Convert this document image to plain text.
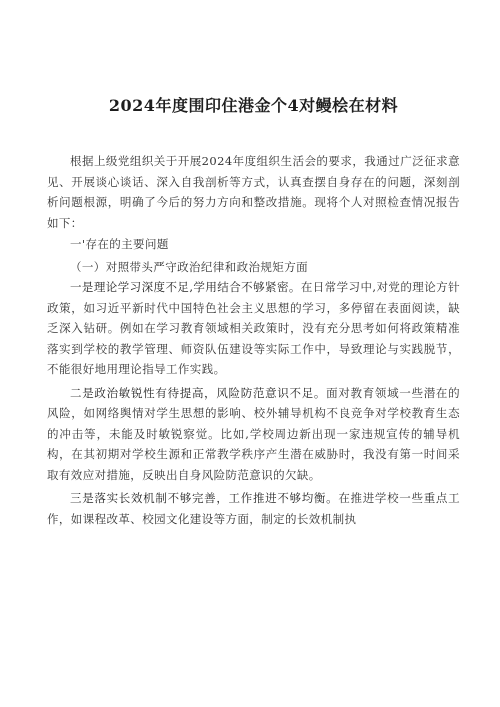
2024年度围印住港金个4对鳗桧在材料

根据上级党组织关于开展2024年度组织生活会的要求，我通过广泛征求意见、开展谈心谈话、深入自我剖析等方式，认真查摆自身存在的问题，深刻剖析问题根源，明确了今后的努力方向和整改措施。现将个人对照检查情况报告如下：

一'存在的主要问题

（一）对照带头严守政治纪律和政治规矩方面

一是理论学习深度不足,学用结合不够紧密。在日常学习中,对党的理论方针政策，如习近平新时代中国特色社会主义思想的学习，多停留在表面阅读，缺乏深入钻研。例如在学习教育领域相关政策时，没有充分思考如何将政策精准落实到学校的教学管理、师资队伍建设等实际工作中，导致理论与实践脱节，不能很好地用理论指导工作实践。

二是政治敏锐性有待提高，风险防范意识不足。面对教育领域一些潜在的风险，如网络舆情对学生思想的影响、校外辅导机构不良竞争对学校教育生态的冲击等，未能及时敏锐察觉。比如,学校周边新出现一家违规宣传的辅导机构，在其初期对学校生源和正常教学秩序产生潜在威胁时，我没有第一时间采取有效应对措施，反映出自身风险防范意识的欠缺。

三是落实长效机制不够完善，工作推进不够均衡。在推进学校一些重点工作，如课程改革、校园文化建设等方面，制定的长效机制执
